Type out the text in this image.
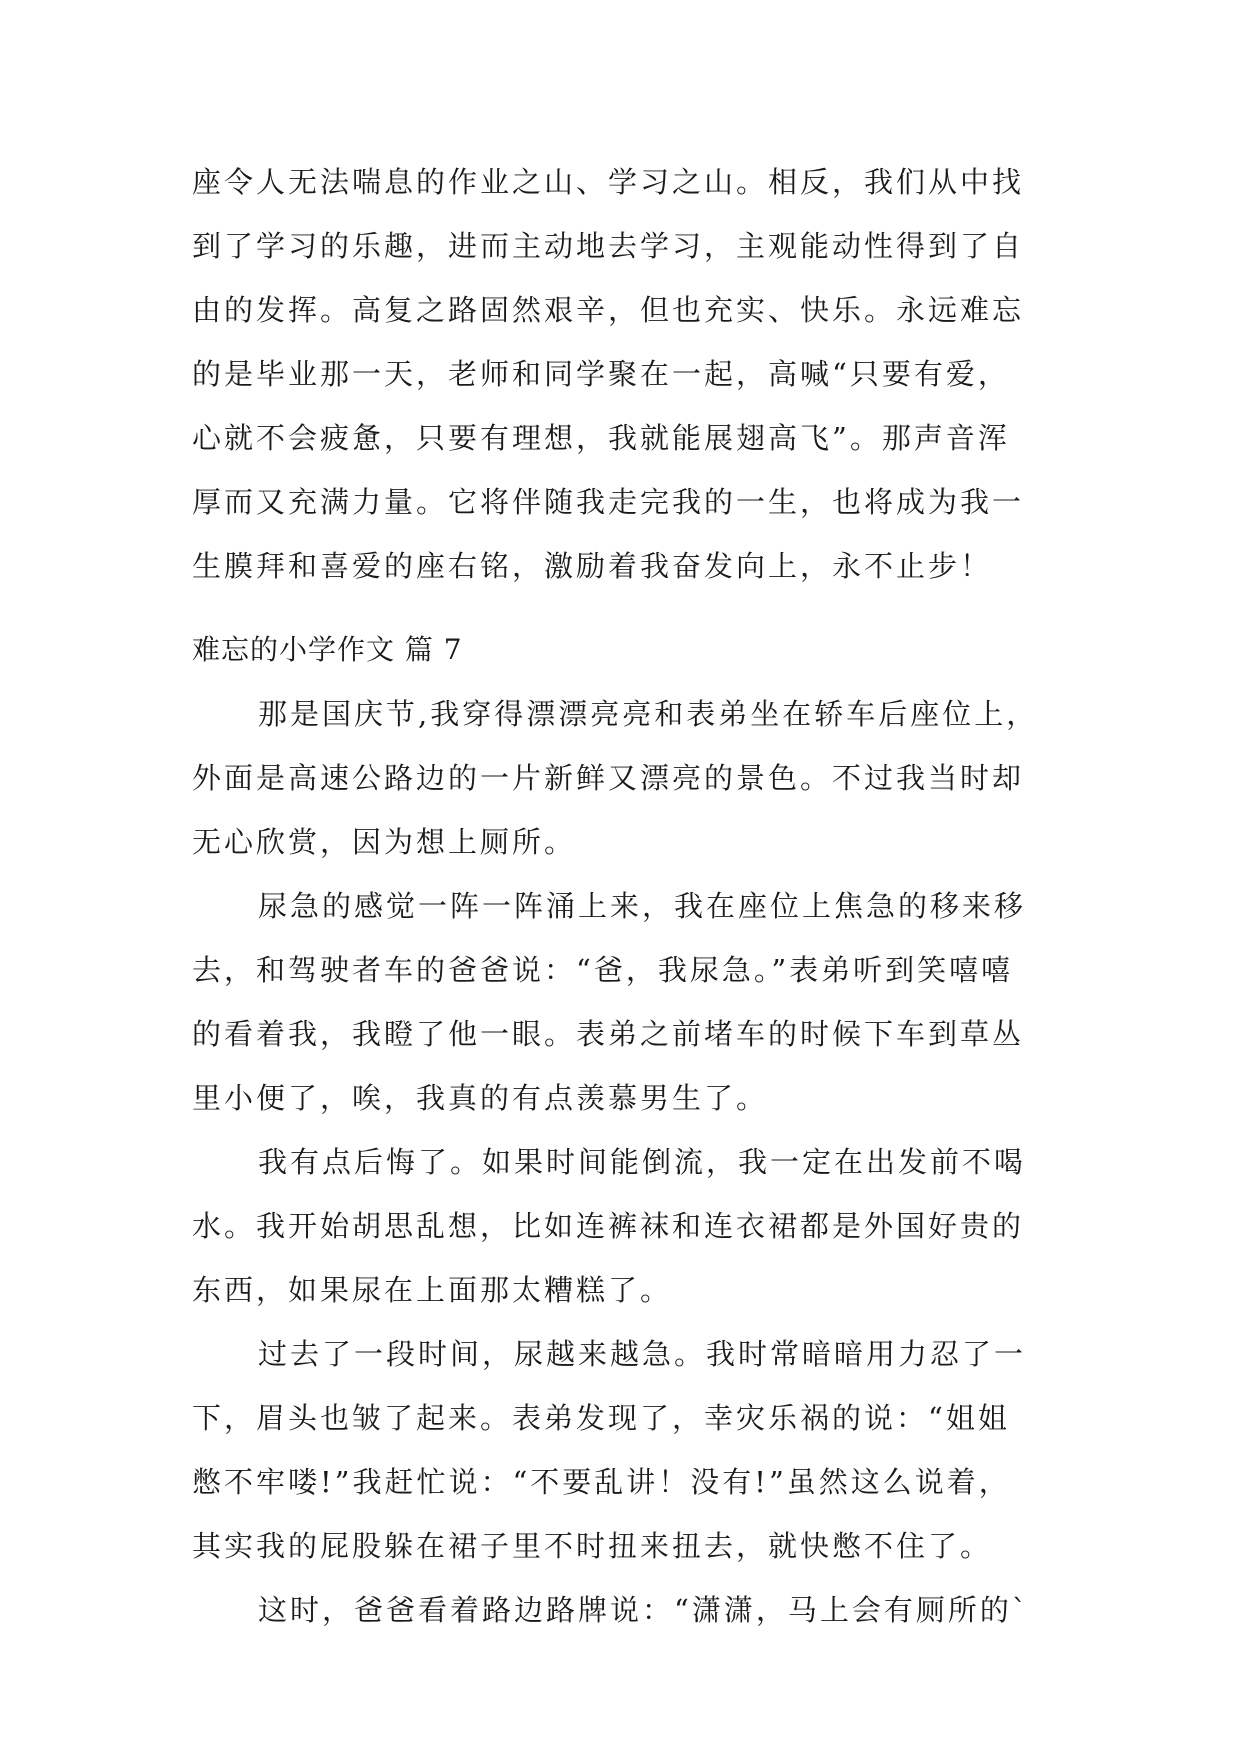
座令人无法喘息的作业之山、学习之山。相反，我们从中找
到了学习的乐趣，进而主动地去学习，主观能动性得到了自
由的发挥。高复之路固然艰辛，但也充实、快乐。永远难忘
的是毕业那一天，老师和同学聚在一起，高喊“只要有爱，
心就不会疲惫，只要有理想，我就能展翅高飞”。那声音浑
厚而又充满力量。它将伴随我走完我的一生，也将成为我一
生膜拜和喜爱的座右铭，激励着我奋发向上，永不止步！
难忘的小学作文 篇 7
那是国庆节,我穿得漂漂亮亮和表弟坐在轿车后座位上，
外面是高速公路边的一片新鲜又漂亮的景色。不过我当时却
无心欣赏，因为想上厕所。
尿急的感觉一阵一阵涌上来，我在座位上焦急的移来移
去，和驾驶者车的爸爸说：“爸，我尿急。”表弟听到笑嘻嘻
的看着我，我瞪了他一眼。表弟之前堵车的时候下车到草丛
里小便了，唉，我真的有点羡慕男生了。
我有点后悔了。如果时间能倒流，我一定在出发前不喝
水。我开始胡思乱想，比如连裤袜和连衣裙都是外国好贵的
东西，如果尿在上面那太糟糕了。
过去了一段时间，尿越来越急。我时常暗暗用力忍了一
下，眉头也皱了起来。表弟发现了，幸灾乐祸的说：“姐姐
憋不牢喽!”我赶忙说：“不要乱讲！没有!”虽然这么说着，
其实我的屁股躲在裙子里不时扭来扭去，就快憋不住了。
这时，爸爸看着路边路牌说：“潇潇，马上会有厕所的`
